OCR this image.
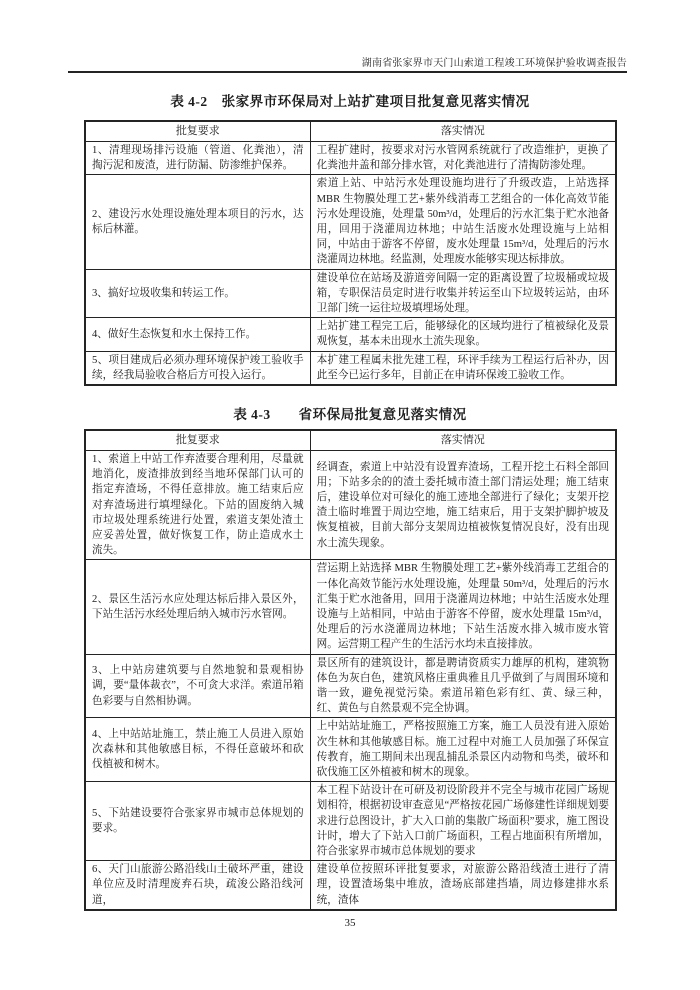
湖南省张家界市天门山索道工程竣工环境保护验收调查报告
表 4-2　张家界市环保局对上站扩建项目批复意见落实情况
批复要求	落实情况
1、清理现场排污设施（管道、化粪池），清掏污泥和废渣，进行防漏、防渗维护保养。	工程扩建时，按要求对污水管网系统就行了改造维护，更换了化粪池井盖和部分排水管，对化粪池进行了清掏防渗处理。
2、建设污水处理设施处理本项目的污水，达标后林灌。	索道上站、中站污水处理设施均进行了升级改造，上站选择 MBR 生物膜处理工艺+紫外线消毒工艺组合的一体化高效节能污水处理设施，处理量 50m³/d，处理后的污水汇集于贮水池备用，回用于浇灌周边林地；中站生活废水处理设施与上站相同，中站由于游客不停留，废水处理量 15m³/d，处理后的污水浇灌周边林地。经监测，处理废水能够实现达标排放。
3、搞好垃圾收集和转运工作。	建设单位在站场及游道旁间隔一定的距离设置了垃圾桶或垃圾箱，专职保洁员定时进行收集并转运至山下垃圾转运站，由环卫部门统一运往垃圾填埋场处理。
4、做好生态恢复和水土保持工作。	上站扩建工程完工后，能够绿化的区域均进行了植被绿化及景观恢复，基本未出现水土流失现象。
5、项目建成后必须办理环境保护竣工验收手续，经我局验收合格后方可投入运行。	本扩建工程属未批先建工程，环评手续为工程运行后补办，因此至今已运行多年，目前正在申请环保竣工验收工作。
表 4-3　　省环保局批复意见落实情况
批复要求	落实情况
1、索道上中站工作弃渣要合理利用，尽量就地消化，废渣排放到经当地环保部门认可的指定弃渣场，不得任意排放。施工结束后应对弃渣场进行填埋绿化。下站的固废纳入城市垃圾处理系统进行处置，索道支架处渣土应妥善处置，做好恢复工作，防止造成水土流失。	经调查，索道上中站没有设置弃渣场，工程开挖土石料全部回用；下站多余的的渣土委托城市渣土部门清运处理；施工结束后，建设单位对可绿化的施工迹地全部进行了绿化；支架开挖渣土临时堆置于周边空地，施工结束后，用于支架护脚护坡及恢复植被，目前大部分支架周边植被恢复情况良好，没有出现水土流失现象。
2、景区生活污水应处理达标后排入景区外，下站生活污水经处理后纳入城市污水管网。	营运期上站选择 MBR 生物膜处理工艺+紫外线消毒工艺组合的一体化高效节能污水处理设施，处理量 50m³/d，处理后的污水汇集于贮水池备用，回用于浇灌周边林地；中站生活废水处理设施与上站相同，中站由于游客不停留，废水处理量 15m³/d，处理后的污水浇灌周边林地；下站生活废水排入城市废水管网。运营期工程产生的生活污水均未直接排放。
3、上中站房建筑要与自然地貌和景观相协调，要“量体裁衣”，不可贪大求洋。索道吊箱色彩要与自然相协调。	景区所有的建筑设计，都是聘请资质实力雄厚的机构，建筑物体色为灰白色，建筑风格庄重典雅且几乎做到了与周围环境和谐一致，避免视觉污染。索道吊箱色彩有红、黄、绿三种，红、黄色与自然景观不完全协调。
4、上中站站址施工，禁止施工人员进入原始次森林和其他敏感目标，不得任意破坏和砍伐植被和树木。	上中站站址施工，严格按照施工方案，施工人员没有进入原始次生林和其他敏感目标。施工过程中对施工人员加强了环保宣传教育，施工期间未出现乱捕乱杀景区内动物和鸟类，破坏和砍伐施工区外植被和树木的现象。
5、下站建设要符合张家界市城市总体规划的要求。	本工程下站设计在可研及初设阶段并不完全与城市花园广场规划相符，根据初设审查意见“严格按花园广场修建性详细规划要求进行总图设计，扩大入口前的集散广场面积”要求，施工图设计时，增大了下站入口前广场面积，工程占地面积有所增加，符合张家界市城市总体规划的要求
6、天门山旅游公路沿线山土破坏严重，建设单位应及时清理废弃石块，疏浚公路沿线河道，	建设单位按照环评批复要求，对旅游公路沿线渣土进行了清理，设置渣场集中堆放，渣场底部建挡墙，周边修建排水系统，渣体
35
